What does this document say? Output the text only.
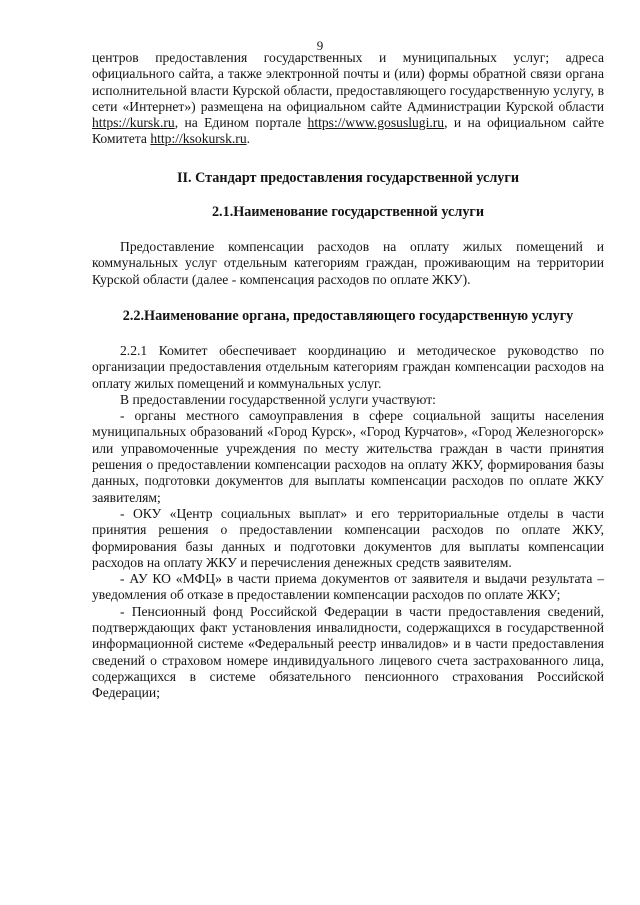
9

центров предоставления государственных и муниципальных услуг; адреса официального сайта, а также электронной почты и (или) формы обратной связи органа исполнительной власти Курской области, предоставляющего государственную услугу, в сети «Интернет») размещена на официальном сайте Администрации Курской области https://kursk.ru, на Едином портале https://www.gosuslugi.ru, и на официальном сайте Комитета http://ksokursk.ru.

II. Стандарт предоставления государственной услуги
2.1.Наименование государственной услуги

Предоставление компенсации расходов на оплату жилых помещений и коммунальных услуг отдельным категориям граждан, проживающим на территории Курской области (далее - компенсация расходов по оплате ЖКУ).

2.2.Наименование органа, предоставляющего государственную услугу

2.2.1 Комитет обеспечивает координацию и методическое руководство по организации предоставления отдельным категориям граждан компенсации расходов на оплату жилых помещений и коммунальных услуг.

В предоставлении государственной услуги участвуют:

- органы местного самоуправления в сфере социальной защиты населения муниципальных образований «Город Курск», «Город Курчатов», «Город Железногорск» или управомоченные учреждения по месту жительства граждан в части принятия решения о предоставлении компенсации расходов на оплату ЖКУ, формирования базы данных, подготовки документов для выплаты компенсации расходов по оплате ЖКУ заявителям;

- ОКУ «Центр социальных выплат» и его территориальные отделы в части принятия решения о предоставлении компенсации расходов по оплате ЖКУ, формирования базы данных и подготовки документов для выплаты компенсации расходов на оплату ЖКУ и перечисления денежных средств заявителям.

- АУ КО «МФЦ» в части приема документов от заявителя и выдачи результата – уведомления об отказе в предоставлении компенсации расходов по оплате ЖКУ;

- Пенсионный фонд Российской Федерации в части предоставления сведений, подтверждающих факт установления инвалидности, содержащихся в государственной информационной системе «Федеральный реестр инвалидов» и в части предоставления сведений о страховом номере индивидуального лицевого счета застрахованного лица, содержащихся в системе обязательного пенсионного страхования Российской Федерации;
